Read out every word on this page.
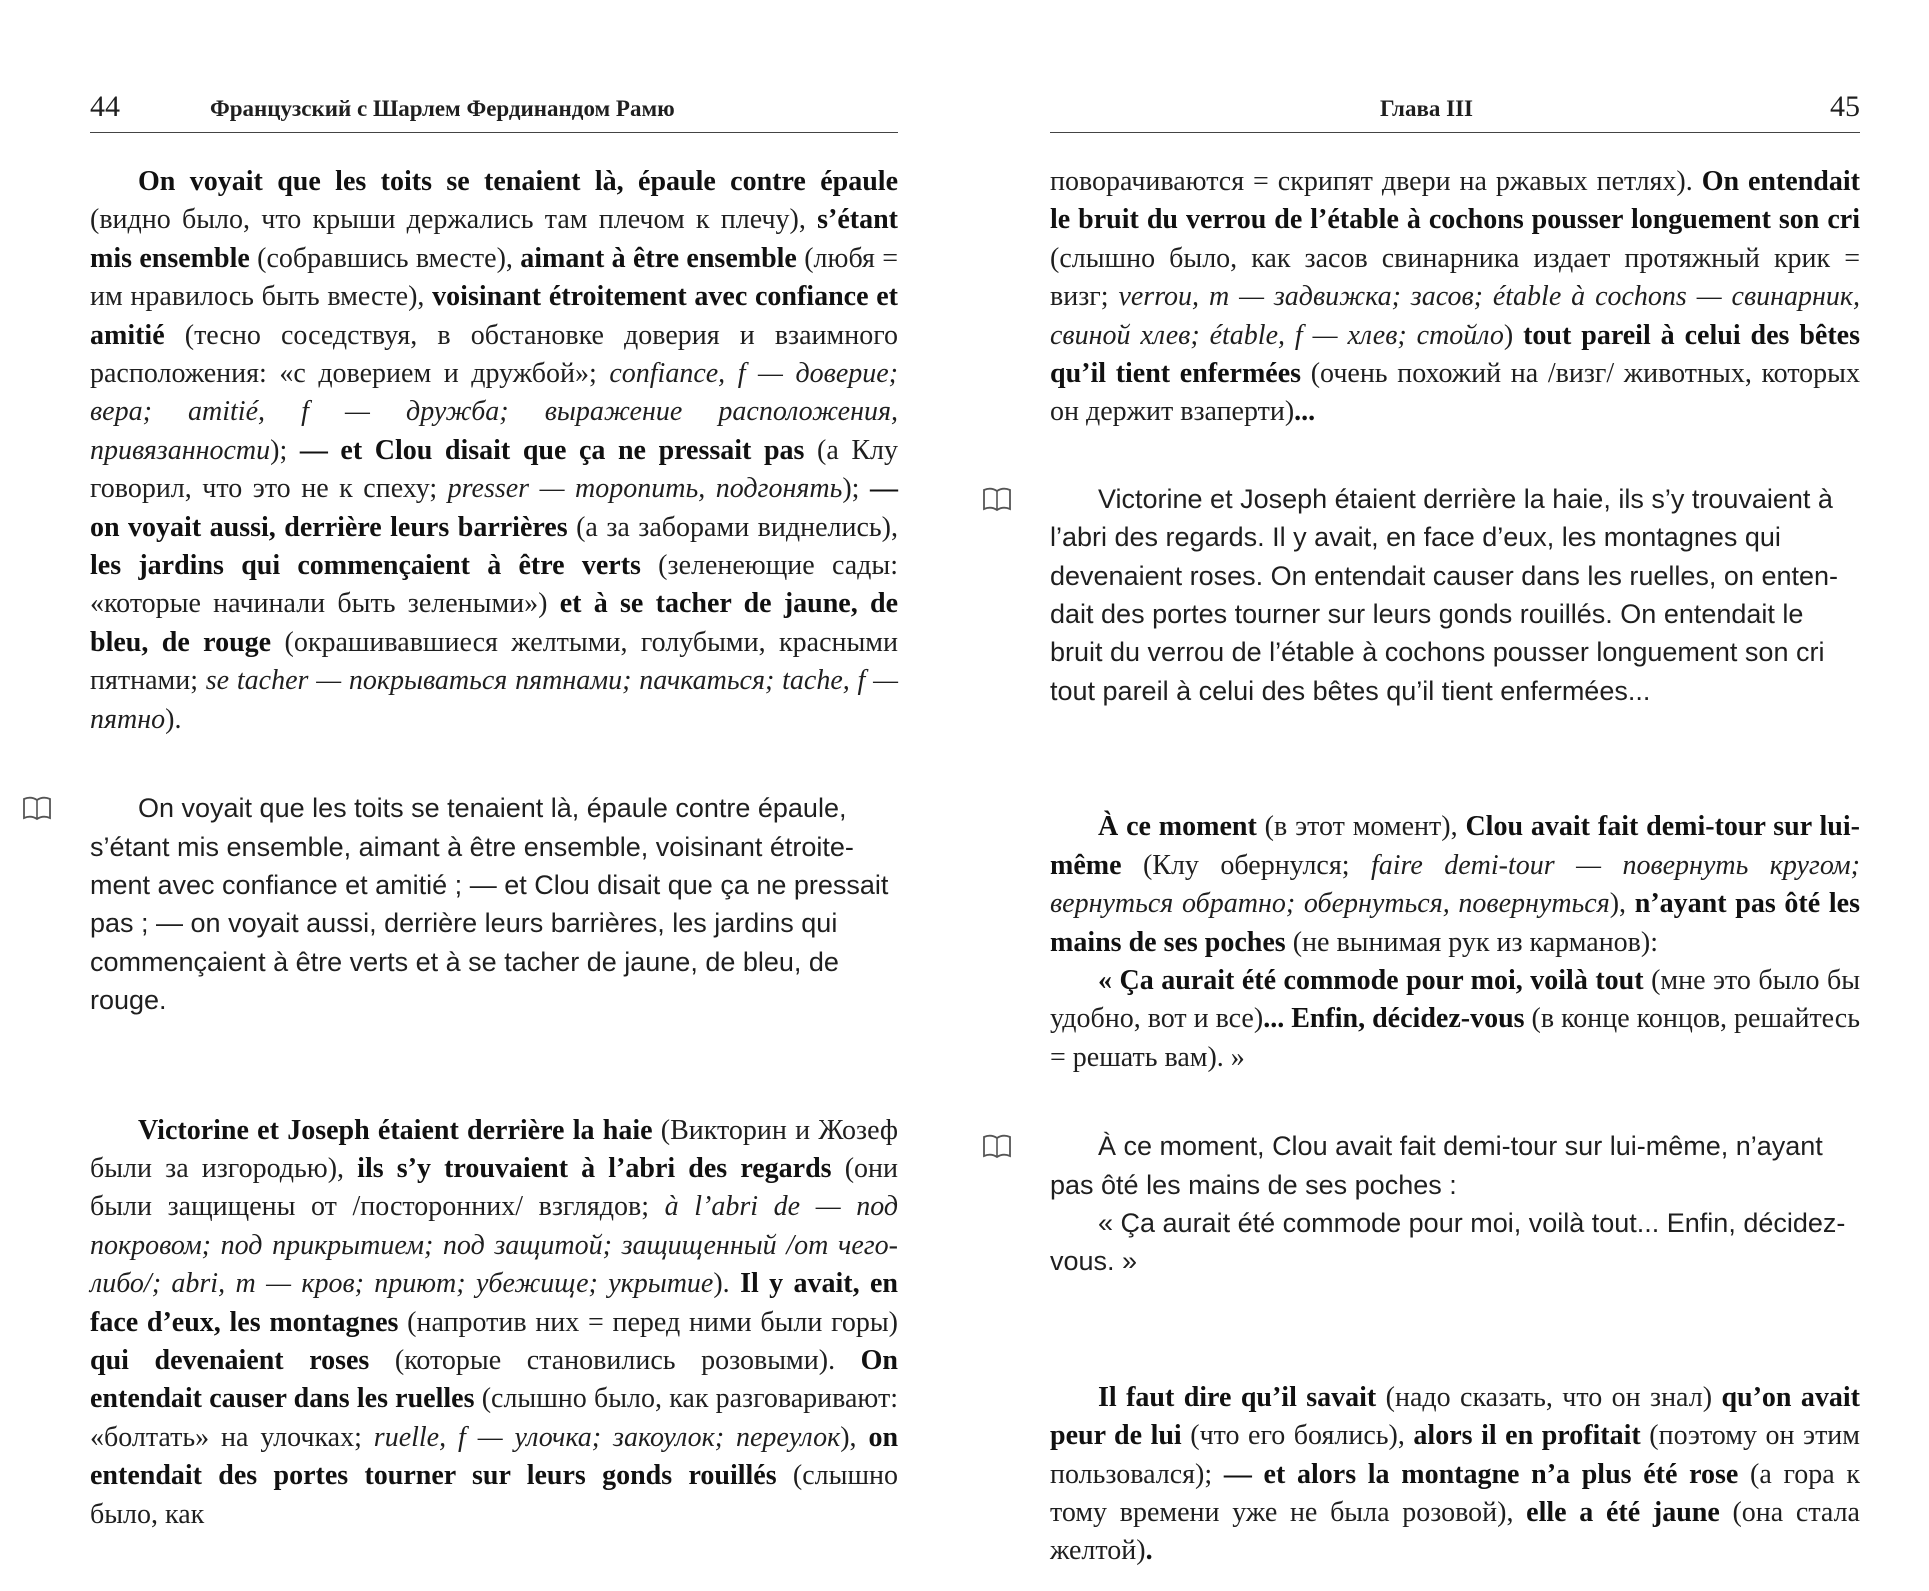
44	Французский с Шарлем Фердинандом Рамю

On voyait que les toits se tenaient là, épaule contre épaule (видно было, что крыши держались там плечом к плечу), s’étant mis ensemble (собравшись вместе), aimant à être ensemble (любя = им нравилось быть вместе), voisinant étroitement avec confiance et amitié (тесно соседствуя, в обстановке доверия и взаимного расположения: «с доверием и дружбой»; confiance, f — доверие; вера; amitié, f — дружба; выражение расположения, привязанности); — et Clou disait que ça ne pressait pas (а Клу говорил, что это не к спеху; presser — торопить, подгонять); — on voyait aussi, derrière leurs barrières (а за заборами виднелись), les jardins qui commençaient à être verts (зеленеющие сады: «которые начинали быть зелеными») et à se tacher de jaune, de bleu, de rouge (окрашивавшиеся желтыми, голубыми, красными пятнами; se tacher — покрываться пятнами; пачкаться; tache, f — пятно).

On voyait que les toits se tenaient là, épaule contre épaule, s’étant mis ensemble, aimant à être ensemble, voisinant étroitement avec confiance et amitié ; — et Clou disait que ça ne pressait pas ; — on voyait aussi, derrière leurs barrières, les jardins qui commençaient à être verts et à se tacher de jaune, de bleu, de rouge.

Victorine et Joseph étaient derrière la haie (Викторин и Жозеф были за изгородью), ils s’y trouvaient à l’abri des regards (они были защищены от /посторонних/ взглядов; à l’abri de — под покровом; под прикрытием; под защитой; защищенный /от чего-либо/; abri, m — кров; приют; убежище; укрытие). Il y avait, en face d’eux, les montagnes (напротив них = перед ними были горы) qui devenaient roses (которые становились розовыми). On entendait causer dans les ruelles (слышно было, как разговаривают: «болтать» на улочках; ruelle, f — улочка; закоулок; переулок), on entendait des portes tourner sur leurs gonds rouillés (слышно было, как

Глава III	45

поворачиваются = скрипят двери на ржавых петлях). On entendait le bruit du verrou de l’étable à cochons pousser longuement son cri (слышно было, как засов свинарника издает протяжный крик = визг; verrou, m — задвижка; засов; étable à cochons — свинарник, свиной хлев; étable, f — хлев; стойло) tout pareil à celui des bêtes qu’il tient enfermées (очень похожий на /визг/ животных, которых он держит взаперти)...

Victorine et Joseph étaient derrière la haie, ils s’y trouvaient à l’abri des regards. Il y avait, en face d’eux, les montagnes qui devenaient roses. On entendait causer dans les ruelles, on entendait des portes tourner sur leurs gonds rouillés. On entendait le bruit du verrou de l’étable à cochons pousser longuement son cri tout pareil à celui des bêtes qu’il tient enfermées...

À ce moment (в этот момент), Clou avait fait demi-tour sur lui-même (Клу обернулся; faire demi-tour — повернуть кругом; вернуться обратно; обернуться, повернуться), n’ayant pas ôté les mains de ses poches (не вынимая рук из карманов):

« Ça aurait été commode pour moi, voilà tout (мне это было бы удобно, вот и все)... Enfin, décidez-vous (в конце концов, решайтесь = решать вам). »

À ce moment, Clou avait fait demi-tour sur lui-même, n’ayant pas ôté les mains de ses poches :
« Ça aurait été commode pour moi, voilà tout... Enfin, décidez-vous. »

Il faut dire qu’il savait (надо сказать, что он знал) qu’on avait peur de lui (что его боялись), alors il en profitait (поэтому он этим пользовался); — et alors la montagne n’a plus été rose (а гора к тому времени уже не была розовой), elle a été jaune (она стала желтой).
